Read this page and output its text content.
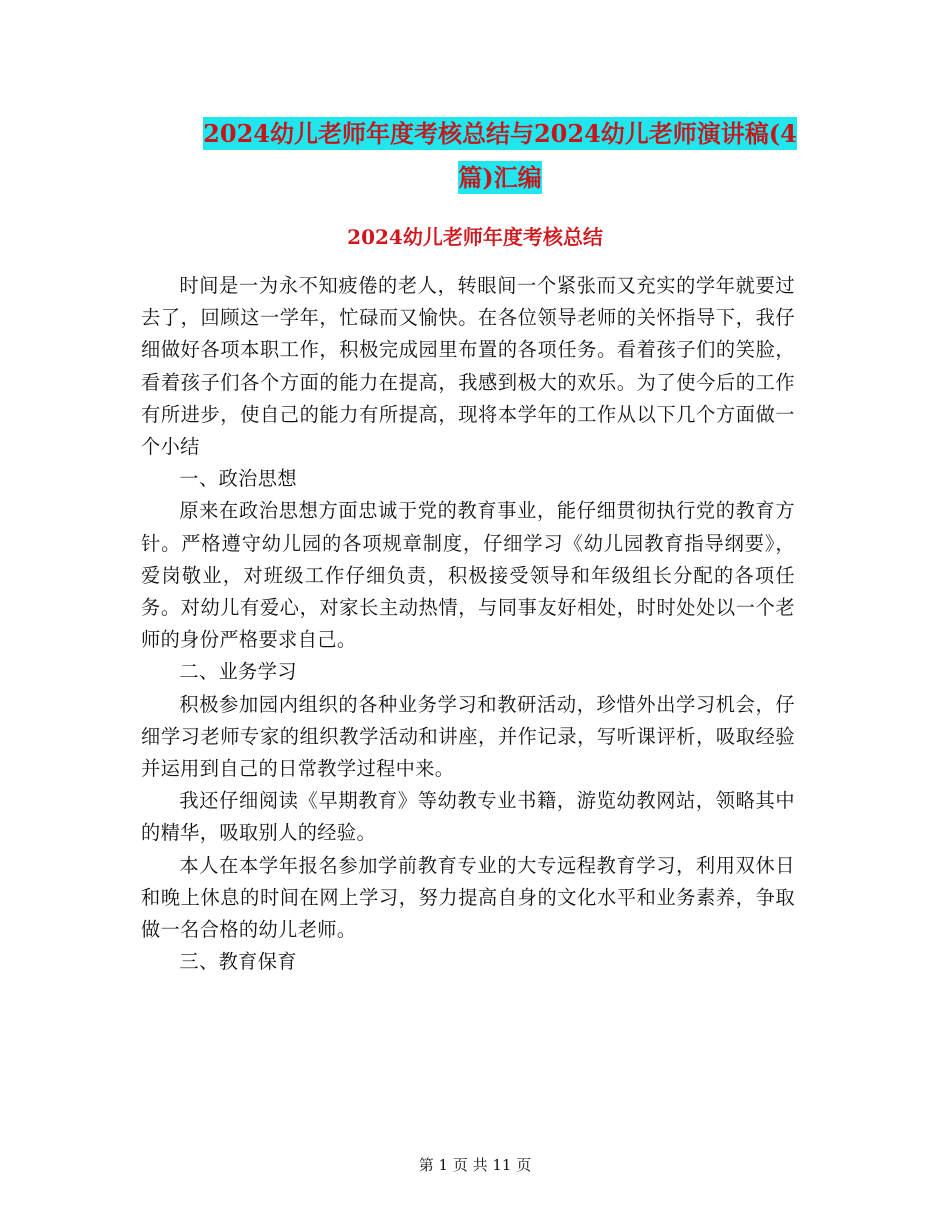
2024幼儿老师年度考核总结与2024幼儿老师演讲稿(4
篇)汇编
2024幼儿老师年度考核总结

时间是一为永不知疲倦的老人，转眼间一个紧张而又充实的学年就要过去了，回顾这一学年，忙碌而又愉快。在各位领导老师的关怀指导下，我仔细做好各项本职工作，积极完成园里布置的各项任务。看着孩子们的笑脸，看着孩子们各个方面的能力在提高，我感到极大的欢乐。为了使今后的工作有所进步，使自己的能力有所提高，现将本学年的工作从以下几个方面做一个小结

一、政治思想

原来在政治思想方面忠诚于党的教育事业，能仔细贯彻执行党的教育方针。严格遵守幼儿园的各项规章制度，仔细学习《幼儿园教育指导纲要》，爱岗敬业，对班级工作仔细负责，积极接受领导和年级组长分配的各项任务。对幼儿有爱心，对家长主动热情，与同事友好相处，时时处处以一个老师的身份严格要求自己。

二、业务学习

积极参加园内组织的各种业务学习和教研活动，珍惜外出学习机会，仔细学习老师专家的组织教学活动和讲座，并作记录，写听课评析，吸取经验并运用到自己的日常教学过程中来。

我还仔细阅读《早期教育》等幼教专业书籍，游览幼教网站，领略其中的精华，吸取别人的经验。

本人在本学年报名参加学前教育专业的大专远程教育学习，利用双休日和晚上休息的时间在网上学习，努力提高自身的文化水平和业务素养，争取做一名合格的幼儿老师。

三、教育保育

第 1 页 共 11 页
